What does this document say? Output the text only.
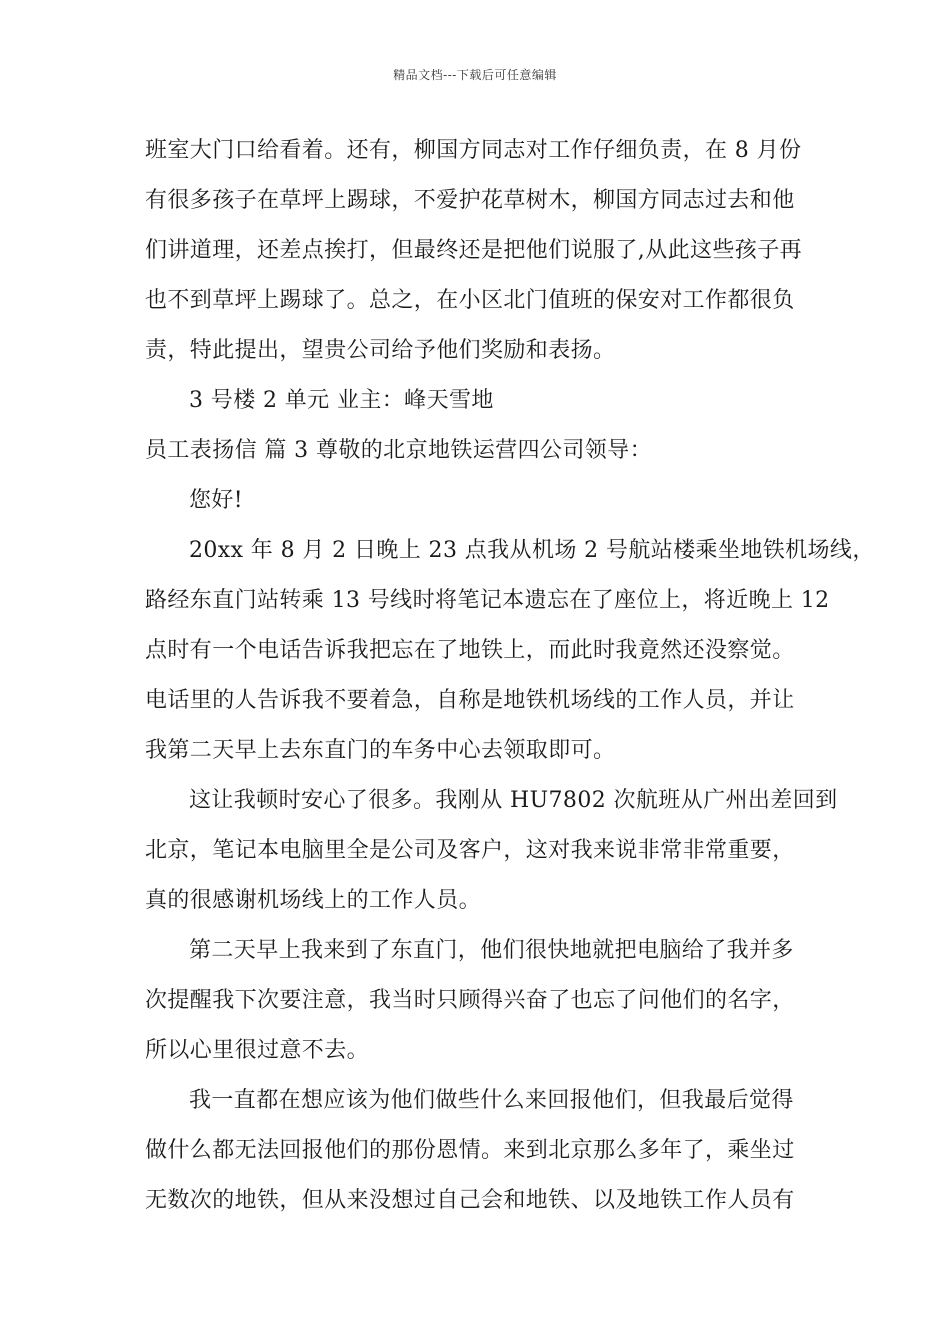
精品文档---下载后可任意编辑
班室大门口给看着。还有，柳国方同志对工作仔细负责，在 8 月份
有很多孩子在草坪上踢球，不爱护花草树木，柳国方同志过去和他
们讲道理，还差点挨打，但最终还是把他们说服了,从此这些孩子再
也不到草坪上踢球了。总之，在小区北门值班的保安对工作都很负
责，特此提出，望贵公司给予他们奖励和表扬。
3 号楼 2 单元 业主：峰天雪地
员工表扬信 篇 3 尊敬的北京地铁运营四公司领导：
您好!
20xx 年 8 月 2 日晚上 23 点我从机场 2 号航站楼乘坐地铁机场线，
路经东直门站转乘 13 号线时将笔记本遗忘在了座位上，将近晚上 12
点时有一个电话告诉我把忘在了地铁上，而此时我竟然还没察觉。
电话里的人告诉我不要着急，自称是地铁机场线的工作人员，并让
我第二天早上去东直门的车务中心去领取即可。
这让我顿时安心了很多。我刚从 HU7802 次航班从广州出差回到
北京，笔记本电脑里全是公司及客户，这对我来说非常非常重要，
真的很感谢机场线上的工作人员。
第二天早上我来到了东直门，他们很快地就把电脑给了我并多
次提醒我下次要注意，我当时只顾得兴奋了也忘了问他们的名字，
所以心里很过意不去。
我一直都在想应该为他们做些什么来回报他们，但我最后觉得
做什么都无法回报他们的那份恩情。来到北京那么多年了，乘坐过
无数次的地铁，但从来没想过自己会和地铁、以及地铁工作人员有
